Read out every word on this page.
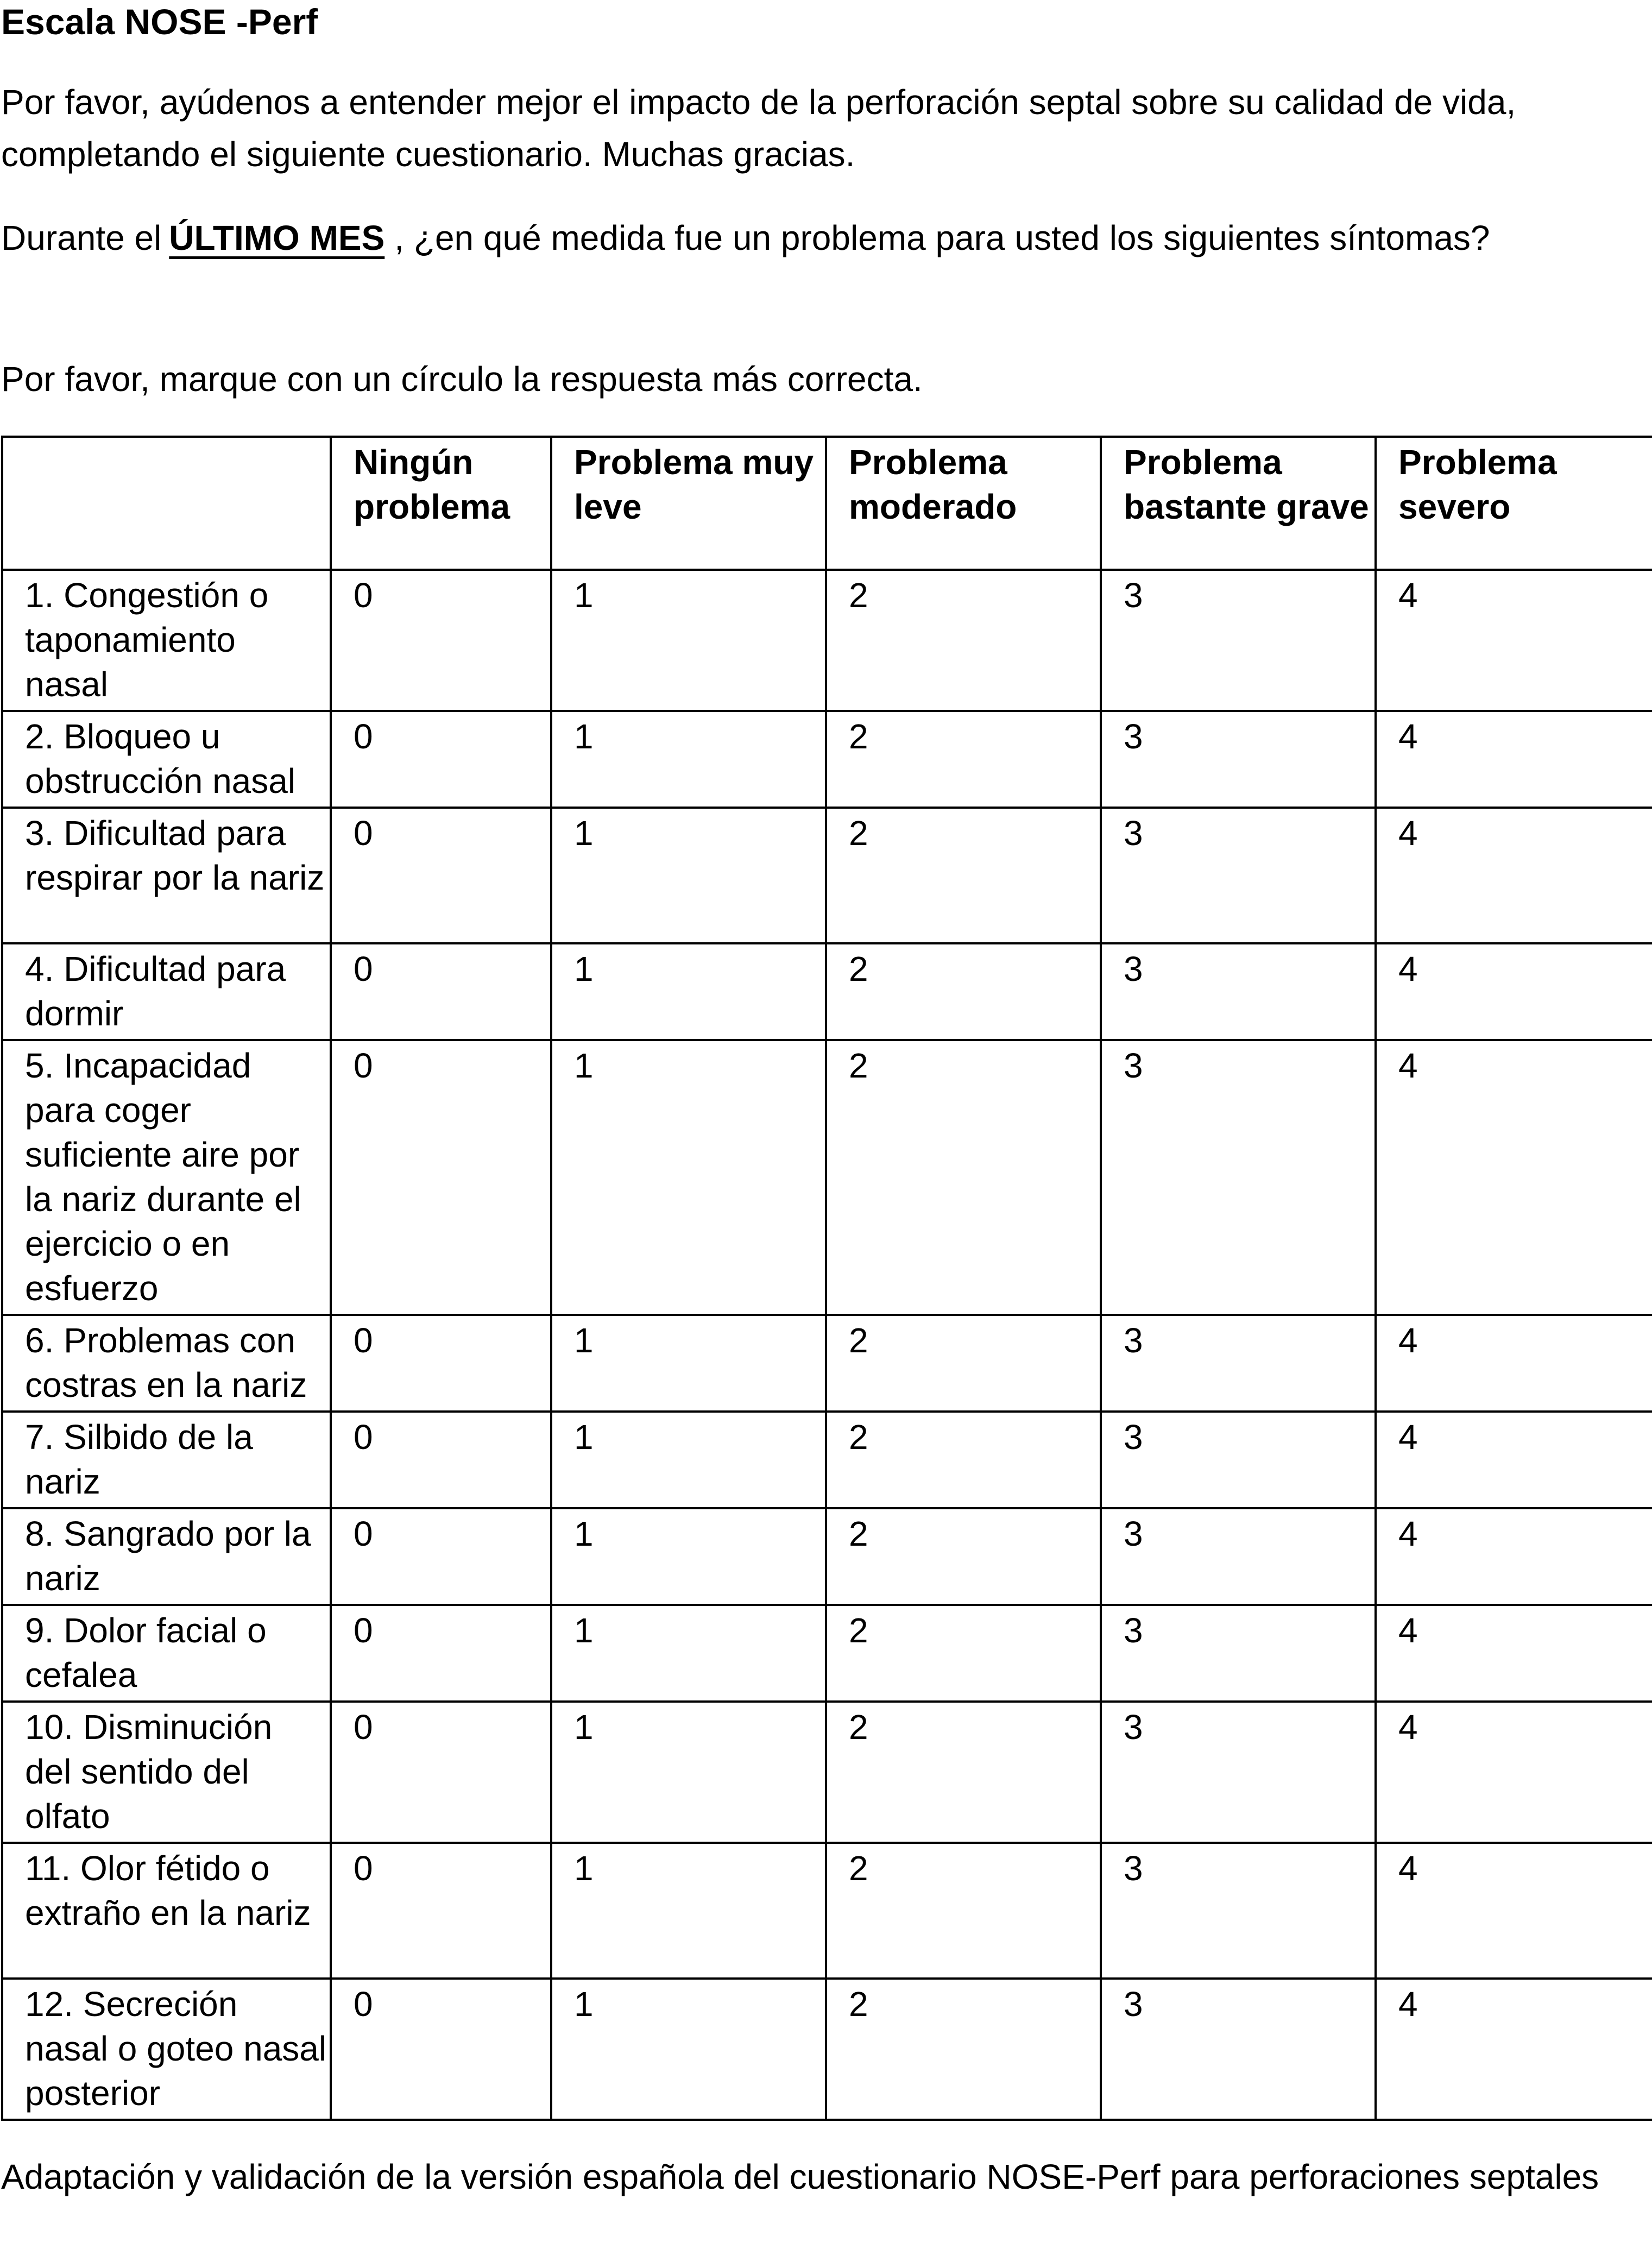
Escala NOSE -Perf

Por favor, ayúdenos a entender mejor el impacto de la perforación septal sobre su calidad de vida, completando el siguiente cuestionario. Muchas gracias.

Durante el ÚLTIMO MES , ¿en qué medida fue un problema para usted los siguientes síntomas?

Por favor, marque con un círculo la respuesta más correcta.

	Ningún problema	Problema muy leve	Problema moderado	Problema bastante grave	Problema severo
1. Congestión o taponamiento nasal	0	1	2	3	4
2. Bloqueo u obstrucción nasal	0	1	2	3	4
3. Dificultad para respirar por la nariz	0	1	2	3	4
4. Dificultad para dormir	0	1	2	3	4
5. Incapacidad para coger suficiente aire por la nariz durante el ejercicio o en esfuerzo	0	1	2	3	4
6. Problemas con costras en la nariz	0	1	2	3	4
7. Silbido de la nariz	0	1	2	3	4
8. Sangrado por la nariz	0	1	2	3	4
9. Dolor facial o cefalea	0	1	2	3	4
10. Disminución del sentido del olfato	0	1	2	3	4
11. Olor fétido o extraño en la nariz	0	1	2	3	4
12. Secreción nasal o goteo nasal posterior	0	1	2	3	4

Adaptación y validación de la versión española del cuestionario NOSE-Perf para perforaciones septales
